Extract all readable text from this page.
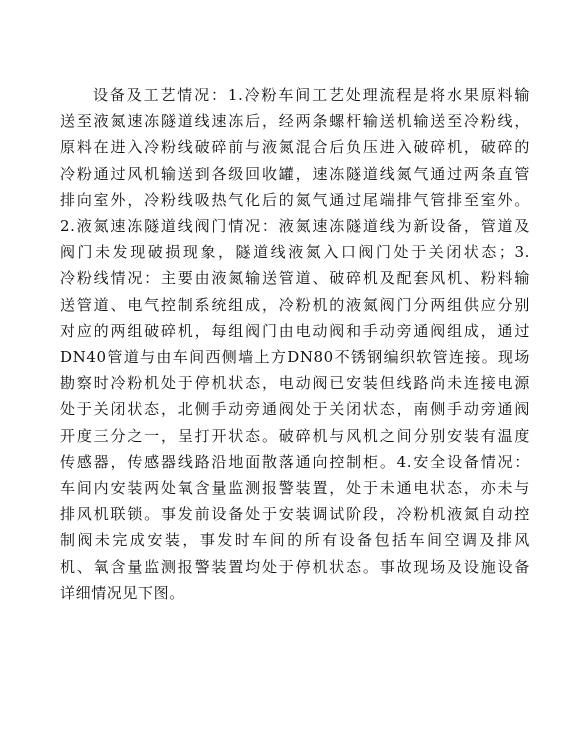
设备及工艺情况：1.冷粉车间工艺处理流程是将水果原料输
送至液氮速冻隧道线速冻后，经两条螺杆输送机输送至冷粉线，
原料在进入冷粉线破碎前与液氮混合后负压进入破碎机，破碎的
冷粉通过风机输送到各级回收罐，速冻隧道线氮气通过两条直管
排向室外，冷粉线吸热气化后的氮气通过尾端排气管排至室外。
2.液氮速冻隧道线阀门情况：液氮速冻隧道线为新设备，管道及
阀门未发现破损现象，隧道线液氮入口阀门处于关闭状态；3.
冷粉线情况：主要由液氮输送管道、破碎机及配套风机、粉料输
送管道、电气控制系统组成，冷粉机的液氮阀门分两组供应分别
对应的两组破碎机，每组阀门由电动阀和手动旁通阀组成，通过
DN40管道与由车间西侧墙上方DN80不锈钢编织软管连接。现场
勘察时冷粉机处于停机状态，电动阀已安装但线路尚未连接电源
处于关闭状态，北侧手动旁通阀处于关闭状态，南侧手动旁通阀
开度三分之一，呈打开状态。破碎机与风机之间分别安装有温度
传感器，传感器线路沿地面散落通向控制柜。4.安全设备情况：
车间内安装两处氧含量监测报警装置，处于未通电状态，亦未与
排风机联锁。事发前设备处于安装调试阶段，冷粉机液氮自动控
制阀未完成安装，事发时车间的所有设备包括车间空调及排风
机、氧含量监测报警装置均处于停机状态。事故现场及设施设备
详细情况见下图。
